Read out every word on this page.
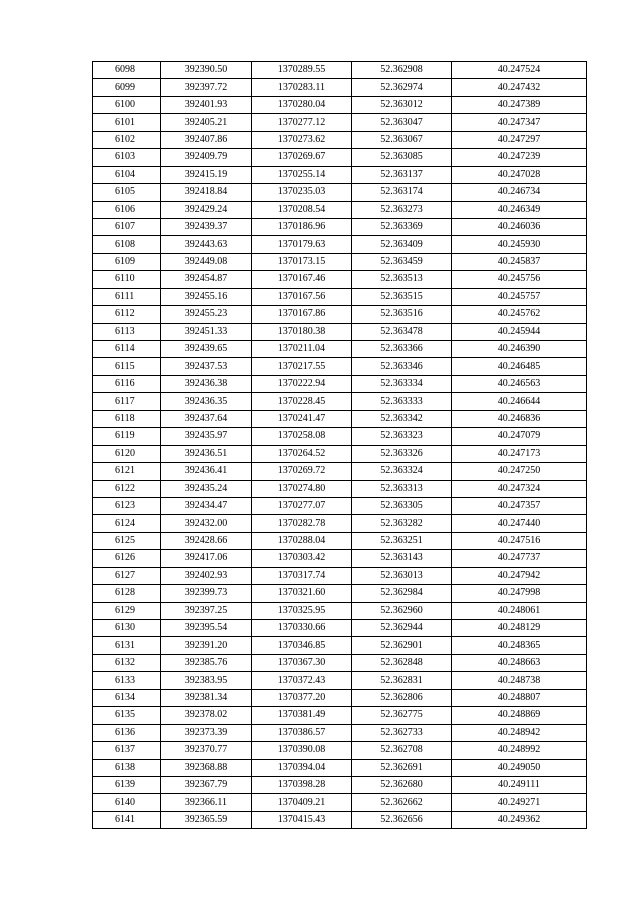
6098	392390.50	1370289.55	52.362908	40.247524
6099	392397.72	1370283.11	52.362974	40.247432
6100	392401.93	1370280.04	52.363012	40.247389
6101	392405.21	1370277.12	52.363047	40.247347
6102	392407.86	1370273.62	52.363067	40.247297
6103	392409.79	1370269.67	52.363085	40.247239
6104	392415.19	1370255.14	52.363137	40.247028
6105	392418.84	1370235.03	52.363174	40.246734
6106	392429.24	1370208.54	52.363273	40.246349
6107	392439.37	1370186.96	52.363369	40.246036
6108	392443.63	1370179.63	52.363409	40.245930
6109	392449.08	1370173.15	52.363459	40.245837
6110	392454.87	1370167.46	52.363513	40.245756
6111	392455.16	1370167.56	52.363515	40.245757
6112	392455.23	1370167.86	52.363516	40.245762
6113	392451.33	1370180.38	52.363478	40.245944
6114	392439.65	1370211.04	52.363366	40.246390
6115	392437.53	1370217.55	52.363346	40.246485
6116	392436.38	1370222.94	52.363334	40.246563
6117	392436.35	1370228.45	52.363333	40.246644
6118	392437.64	1370241.47	52.363342	40.246836
6119	392435.97	1370258.08	52.363323	40.247079
6120	392436.51	1370264.52	52.363326	40.247173
6121	392436.41	1370269.72	52.363324	40.247250
6122	392435.24	1370274.80	52.363313	40.247324
6123	392434.47	1370277.07	52.363305	40.247357
6124	392432.00	1370282.78	52.363282	40.247440
6125	392428.66	1370288.04	52.363251	40.247516
6126	392417.06	1370303.42	52.363143	40.247737
6127	392402.93	1370317.74	52.363013	40.247942
6128	392399.73	1370321.60	52.362984	40.247998
6129	392397.25	1370325.95	52.362960	40.248061
6130	392395.54	1370330.66	52.362944	40.248129
6131	392391.20	1370346.85	52.362901	40.248365
6132	392385.76	1370367.30	52.362848	40.248663
6133	392383.95	1370372.43	52.362831	40.248738
6134	392381.34	1370377.20	52.362806	40.248807
6135	392378.02	1370381.49	52.362775	40.248869
6136	392373.39	1370386.57	52.362733	40.248942
6137	392370.77	1370390.08	52.362708	40.248992
6138	392368.88	1370394.04	52.362691	40.249050
6139	392367.79	1370398.28	52.362680	40.249111
6140	392366.11	1370409.21	52.362662	40.249271
6141	392365.59	1370415.43	52.362656	40.249362
